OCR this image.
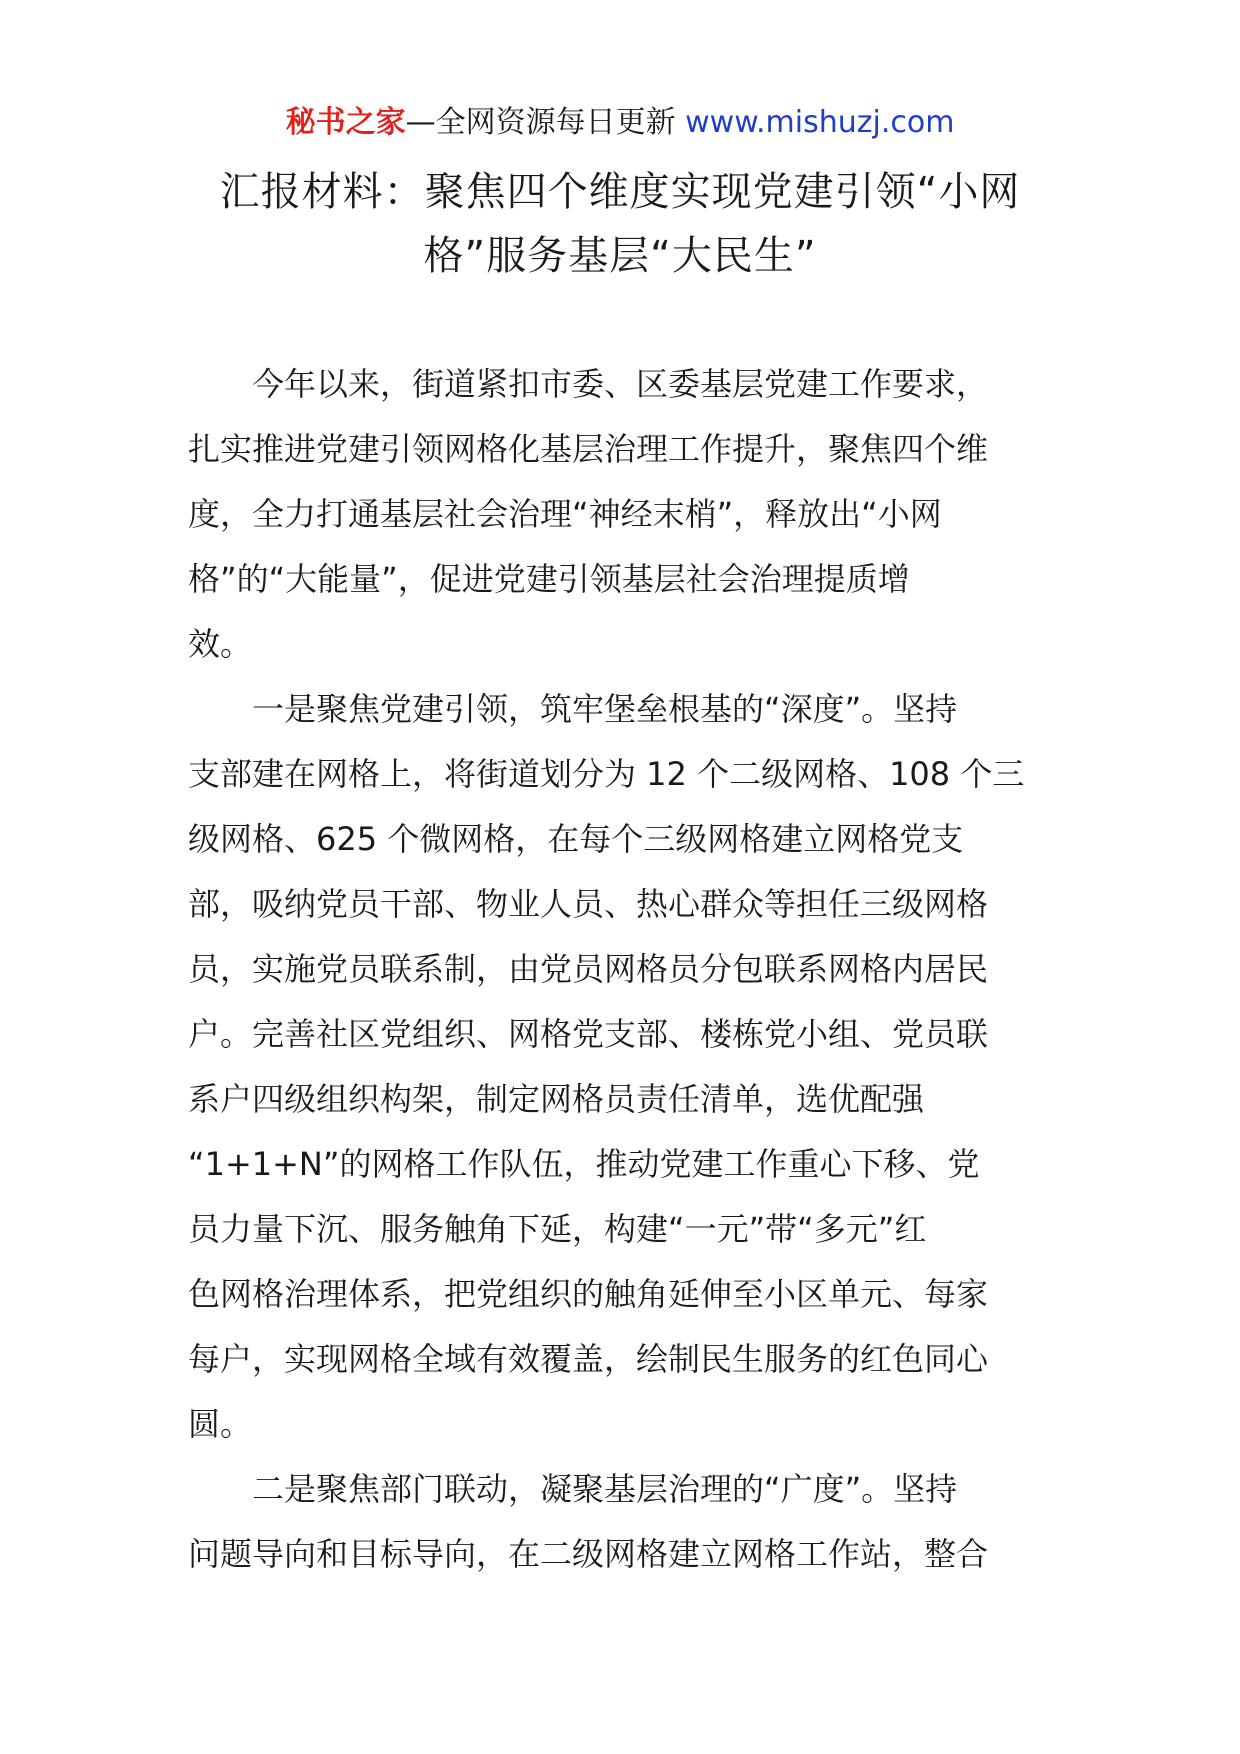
秘书之家—全网资源每日更新 www.mishuzj.com
汇报材料：聚焦四个维度实现党建引领“小网
格”服务基层“大民生”

　　今年以来，街道紧扣市委、区委基层党建工作要求，
扎实推进党建引领网格化基层治理工作提升，聚焦四个维
度，全力打通基层社会治理“神经末梢”，释放出“小网
格”的“大能量”，促进党建引领基层社会治理提质增
效。

　　一是聚焦党建引领，筑牢堡垒根基的“深度”。坚持
支部建在网格上，将街道划分为 12 个二级网格、108 个三
级网格、625 个微网格，在每个三级网格建立网格党支
部，吸纳党员干部、物业人员、热心群众等担任三级网格
员，实施党员联系制，由党员网格员分包联系网格内居民
户。完善社区党组织、网格党支部、楼栋党小组、党员联
系户四级组织构架，制定网格员责任清单，选优配强
“1+1+N”的网格工作队伍，推动党建工作重心下移、党
员力量下沉、服务触角下延，构建“一元”带“多元”红
色网格治理体系，把党组织的触角延伸至小区单元、每家
每户，实现网格全域有效覆盖，绘制民生服务的红色同心
圆。

　　二是聚焦部门联动，凝聚基层治理的“广度”。坚持
问题导向和目标导向，在二级网格建立网格工作站，整合
